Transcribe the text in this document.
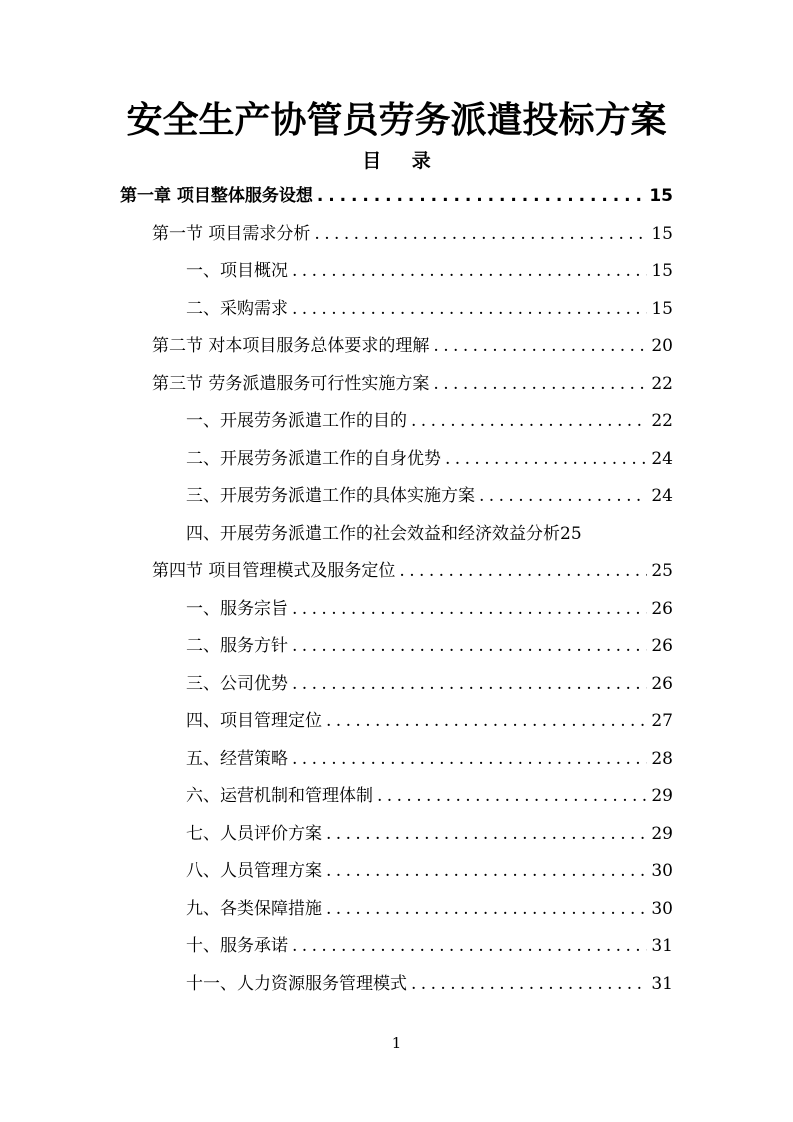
安全生产协管员劳务派遣投标方案
目 录
第一章 项目整体服务设想 . . .	15
第一节 项目需求分析 . . .	15
一、项目概况 . . .	15
二、采购需求 . . .	15
第二节 对本项目服务总体要求的理解 . . .	20
第三节 劳务派遣服务可行性实施方案 . . .	22
一、开展劳务派遣工作的目的 . . .	22
二、开展劳务派遣工作的自身优势 . . .	24
三、开展劳务派遣工作的具体实施方案 . . .	24
四、开展劳务派遣工作的社会效益和经济效益分析 25
第四节 项目管理模式及服务定位 . . .	25
一、服务宗旨 . . .	26
二、服务方针 . . .	26
三、公司优势 . . .	26
四、项目管理定位 . . .	27
五、经营策略 . . .	28
六、运营机制和管理体制 . . .	29
七、人员评价方案 . . .	29
八、人员管理方案 . . .	30
九、各类保障措施 . . .	30
十、服务承诺 . . .	31
十一、人力资源服务管理模式 . . .	31
1
